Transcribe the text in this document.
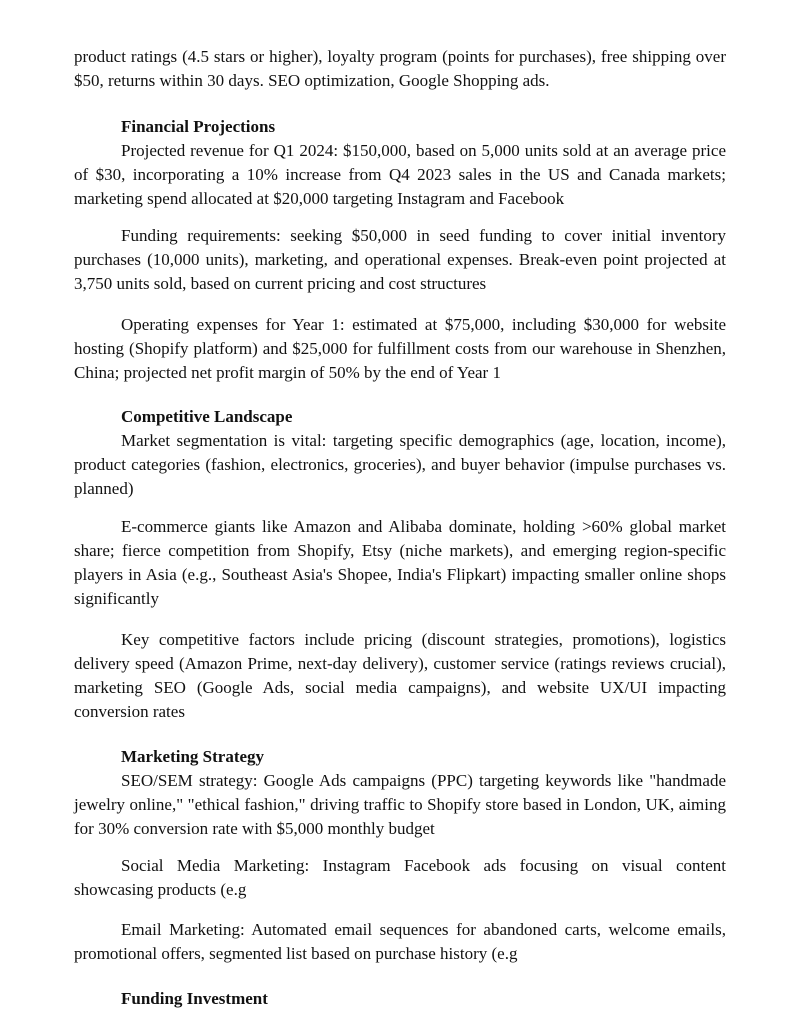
product ratings (4.5 stars or higher), loyalty program (points for purchases), free shipping over $50, returns within 30 days. SEO optimization, Google Shopping ads.

Financial Projections

Projected revenue for Q1 2024: $150,000, based on 5,000 units sold at an average price of $30, incorporating a 10% increase from Q4 2023 sales in the US and Canada markets; marketing spend allocated at $20,000 targeting Instagram and Facebook

Funding requirements: seeking $50,000 in seed funding to cover initial inventory purchases (10,000 units), marketing, and operational expenses. Break-even point projected at 3,750 units sold, based on current pricing and cost structures

Operating expenses for Year 1: estimated at $75,000, including $30,000 for website hosting (Shopify platform) and $25,000 for fulfillment costs from our warehouse in Shenzhen, China; projected net profit margin of 50% by the end of Year 1

Competitive Landscape

Market segmentation is vital: targeting specific demographics (age, location, income), product categories (fashion, electronics, groceries), and buyer behavior (impulse purchases vs. planned)

E-commerce giants like Amazon and Alibaba dominate, holding >60% global market share; fierce competition from Shopify, Etsy (niche markets), and emerging region-specific players in Asia (e.g., Southeast Asia's Shopee, India's Flipkart) impacting smaller online shops significantly

Key competitive factors include pricing (discount strategies, promotions), logistics delivery speed (Amazon Prime, next-day delivery), customer service (ratings reviews crucial), marketing SEO (Google Ads, social media campaigns), and website UX/UI impacting conversion rates

Marketing Strategy

SEO/SEM strategy: Google Ads campaigns (PPC) targeting keywords like "handmade jewelry online," "ethical fashion," driving traffic to Shopify store based in London, UK, aiming for 30% conversion rate with $5,000 monthly budget

Social Media Marketing: Instagram Facebook ads focusing on visual content showcasing products (e.g

Email Marketing: Automated email sequences for abandoned carts, welcome emails, promotional offers, segmented list based on purchase history (e.g

Funding Investment
